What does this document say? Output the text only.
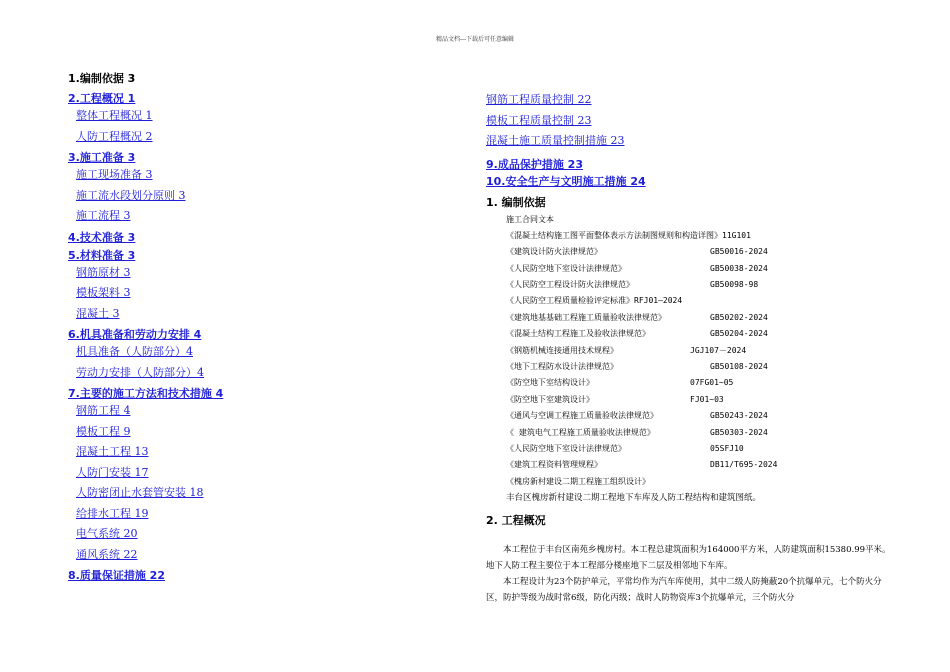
精品文档---下载后可任意编辑
1.编制依据 3
2.工程概况 1
整体工程概况 1
人防工程概况 2
3.施工准备 3
施工现场准备 3
施工流水段划分原则 3
施工流程 3
4.技术准备 3
5.材料准备 3
钢筋原材 3
模板架料 3
混凝土 3
6.机具准备和劳动力安排 4
机具准备（人防部分）4
劳动力安排（人防部分）4
7.主要的施工方法和技术措施 4
钢筋工程 4
模板工程 9
混凝土工程 13
人防门安装 17
人防密闭止水套管安装 18
给排水工程 19
电气系统 20
通风系统 22
8.质量保证措施 22
钢筋工程质量控制 22
模板工程质量控制 23
混凝土施工质量控制措施 23
9.成品保护措施 23
10.安全生产与文明施工措施 24
1. 编制依据
施工合同文本
《混凝土结构施工图平面整体表示方法制图规则和构造详图》11G101
《建筑设计防火法律规范》	GB50016-2024
《人民防空地下室设计法律规范》	GB50038-2024
《人民防空工程设计防火法律规范》	GB50098-98
《人民防空工程质量检验评定标准》RFJ01—2024
《建筑地基基础工程施工质量验收法律规范》	GB50202-2024
《混凝土结构工程施工及验收法律规范》	GB50204-2024
《钢筋机械连接通用技术规程》	JGJ107－2024
《地下工程防水设计法律规范》	GB50108-2024
《防空地下室结构设计》	07FG01~05
《防空地下室建筑设计》	FJ01~03
《通风与空调工程施工质量验收法律规范》	GB50243-2024
《 建筑电气工程施工质量验收法律规范》	GB50303-2024
《人民防空地下室设计法律规范》	05SFJ10
《建筑工程资料管理规程》	DB11/T695-2024
《槐房新村建设二期工程施工组织设计》
丰台区槐房新村建设二期工程地下车库及人防工程结构和建筑图纸。
2. 工程概况

本工程位于丰台区南苑乡槐房村。本工程总建筑面积为164000平方米，人防建筑面积15380.99平米。地下人防工程主要位于本工程部分楼座地下二层及相邻地下车库。

本工程设计为23个防护单元，平常均作为汽车库使用，其中二级人防掩蔽20个抗爆单元，七个防火分区，防护等级为战时常6级，防化丙级；战时人防物资库3个抗爆单元，三个防火分
